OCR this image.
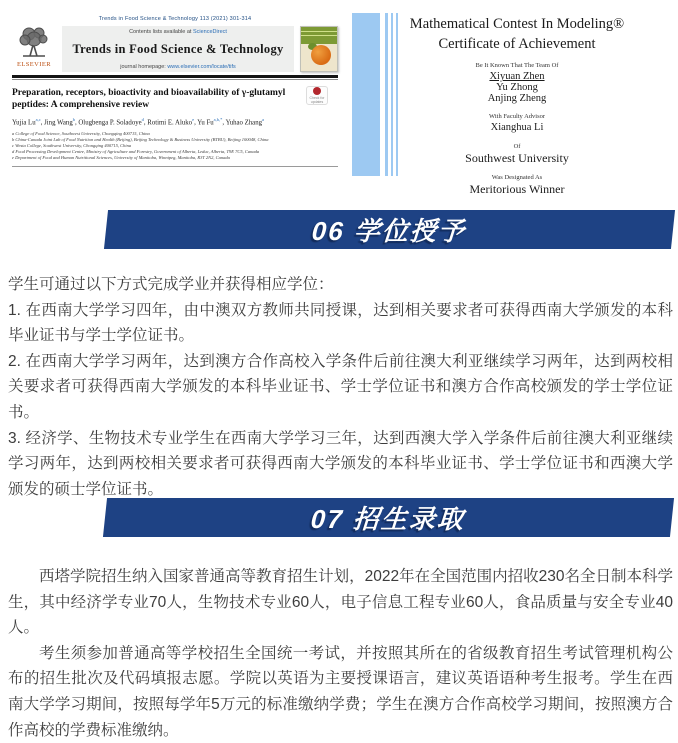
Trends in Food Science & Technology 113 (2021) 301-314
ELSEVIER
Contents lists available at ScienceDirect
Trends in Food Science & Technology
journal homepage: www.elsevier.com/locate/tifs
Preparation, receptors, bioactivity and bioavailability of γ-glutamyl peptides: A comprehensive review
Check for updates
Yujia Lu$^{a,c}$, Jing Wang$^b$, Olugbenga P. Soladoye$^d$, Rotimi E. Aluko$^e$, Yu $Fu^{a,b,*}$, Yuhao Zhang$^a$
a College of Food Science, Southwest University, Chongqing 400715, China
b China-Canada Joint Lab of Food Nutrition and Health (Beijing), Beijing Technology & Business University (BTBU), Beijing 100048, China
c Westa College, Southwest University, Chongqing 400715, China
d Food Processing Development Centre, Ministry of Agriculture and Forestry, Government of Alberta, Leduc, Alberta, T9E 7C5, Canada
e Department of Food and Human Nutritional Sciences, University of Manitoba, Winnipeg, Manitoba, R3T 2N2, Canada
Mathematical Contest In Modeling®
Certificate of Achievement
Be It Known That The Team Of
Xiyuan Zhen
Yu Zhong
Anjing Zheng
With Faculty Advisor
Xianghua Li
Of
Southwest University
Was Designated As
Meritorious Winner
06 学位授予

学生可通过以下方式完成学业并获得相应学位：

1. 在西南大学学习四年，由中澳双方教师共同授课，达到相关要求者可获得西南大学颁发的本科毕业证书与学士学位证书。

2. 在西南大学学习两年，达到澳方合作高校入学条件后前往澳大利亚继续学习两年，达到两校相关要求者可获得西南大学颁发的本科毕业证书、学士学位证书和澳方合作高校颁发的学士学位证书。

3. 经济学、生物技术专业学生在西南大学学习三年，达到西澳大学入学条件后前往澳大利亚继续学习两年，达到两校相关要求者可获得西南大学颁发的本科毕业证书、学士学位证书和西澳大学颁发的硕士学位证书。

07 招生录取

西塔学院招生纳入国家普通高等教育招生计划，2022年在全国范围内招收230名全日制本科学生，其中经济学专业70人，生物技术专业60人，电子信息工程专业60人，食品质量与安全专业40人。

考生须参加普通高等学校招生全国统一考试，并按照其所在的省级教育招生考试管理机构公布的招生批次及代码填报志愿。学院以英语为主要授课语言，建议英语语种考生报考。学生在西南大学学习期间，按照每学年5万元的标准缴纳学费；学生在澳方合作高校学习期间，按照澳方合作高校的学费标准缴纳。
